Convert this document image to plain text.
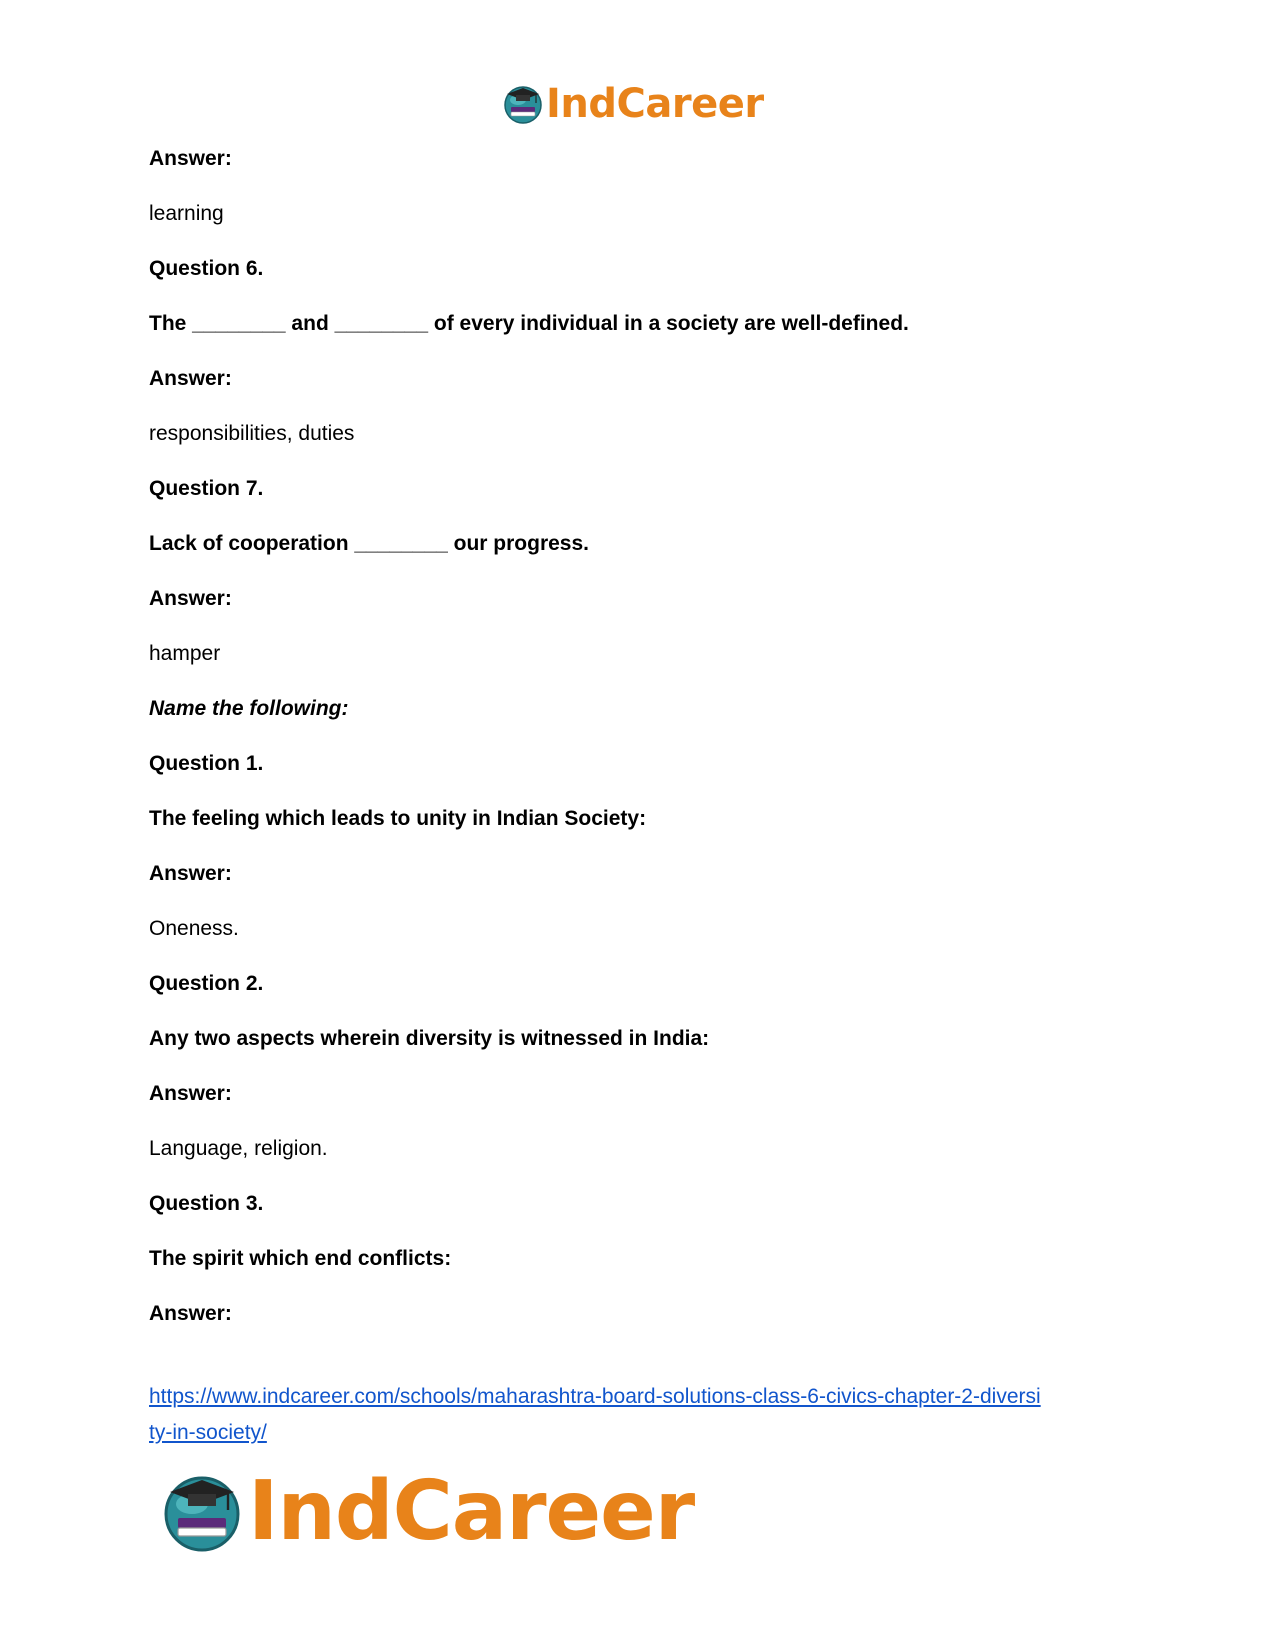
IndCareer
Answer:
learning
Question 6.
The ________ and ________ of every individual in a society are well-defined.
Answer:
responsibilities, duties
Question 7.
Lack of cooperation ________ our progress.
Answer:
hamper
Name the following:
Question 1.
The feeling which leads to unity in Indian Society:
Answer:
Oneness.
Question 2.
Any two aspects wherein diversity is witnessed in India:
Answer:
Language, religion.
Question 3.
The spirit which end conflicts:
Answer:
https://www.indcareer.com/schools/maharashtra-board-solutions-class-6-civics-chapter-2-diversi
ty-in-society/
IndCareer
